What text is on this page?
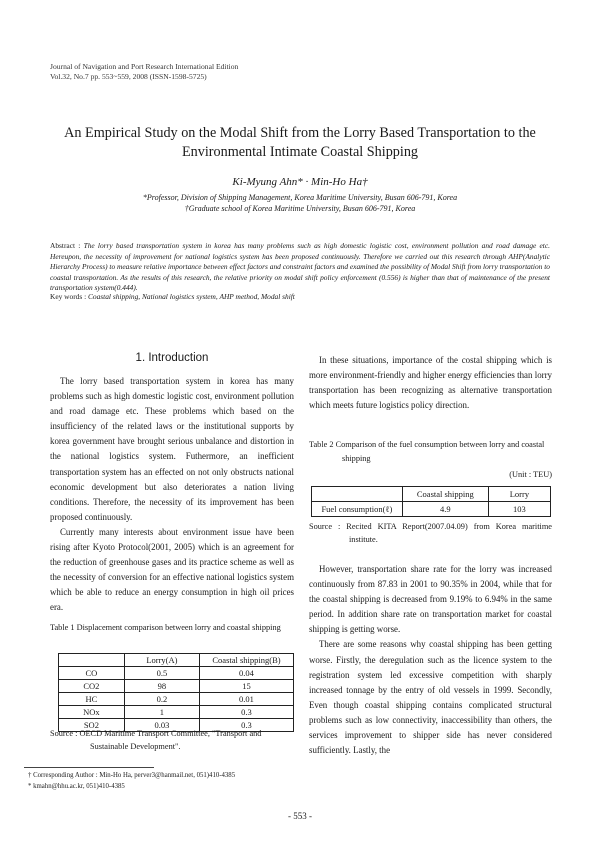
Journal of Navigation and Port Research International Edition
Vol.32, No.7 pp. 553~559, 2008 (ISSN-1598-5725)
An Empirical Study on the Modal Shift from the Lorry Based Transportation to the Environmental Intimate Coastal Shipping
Ki-Myung Ahn* · Min-Ho Ha†
*Professor, Division of Shipping Management, Korea Maritime University, Busan 606-791, Korea
†Graduate school of Korea Maritime University, Busan 606-791, Korea
Abstract : The lorry based transportation system in korea has many problems such as high domestic logistic cost, environment pollution and road damage etc. Hereupon, the necessity of improvement for national logistics system has been proposed continuously. Therefore we carried out this research through AHP(Analytic Hierarchy Process) to measure relative importance between effect factors and constraint factors and examined the possibility of Modal Shift from lorry transportation to coastal transportation. As the results of this research, the relative priority on modal shift policy enforcement (0.556) is higher than that of maintenance of the present transportation system(0.444).
Key words : Coastal shipping, National logistics system, AHP method, Modal shift
1. Introduction

The lorry based transportation system in korea has many problems such as high domestic logistic cost, environment pollution and road damage etc. These problems which based on the insufficiency of the related laws or the institutional supports by korea government have brought serious unbalance and distortion in the national logistics system. Futhermore, an inefficient transportation system has an effected on not only obstructs national economic development but also deteriorates a nation living conditions. Therefore, the necessity of its improvement has been proposed continuously.

Currently many interests about environment issue have been rising after Kyoto Protocol(2001, 2005) which is an agreement for the reduction of greenhouse gases and its practice scheme as well as the necessity of conversion for an effective national logistics system which be able to reduce an energy consumption in high oil prices era.

Table 1 Displacement comparison between lorry and coastal shipping
	Lorry(A)	Coastal shipping(B)
CO	0.5	0.04
CO2	98	15
HC	0.2	0.01
NOx	1	0.3
SO2	0.03	0.3
Source : OECD Maritime Transport Committee, "Transport and Sustainable Development".

In these situations, importance of the costal shipping which is more environment-friendly and higher energy efficiencies than lorry transportation has been recognizing as alternative transportation which meets future logistics policy direction.

Table 2 Comparison of the fuel consumption between lorry and coastal shipping
(Unit : TEU)
	Coastal shipping	Lorry
Fuel consumption(ℓ)	4.9	103
Source : Recited KITA Report(2007.04.09) from Korea maritime institute.

However, transportation share rate for the lorry was increased continuously from 87.83 in 2001 to 90.35% in 2004, while that for the coastal shipping is decreased from 9.19% to 6.94% in the same period. In addition share rate on transportation market for coastal shipping is getting worse.

There are some reasons why coastal shipping has been getting worse. Firstly, the deregulation such as the licence system to the registration system led excessive competition with sharply increased tonnage by the entry of old vessels in 1999. Secondly, Even though coastal shipping contains complicated structural problems such as low connectivity, inaccessibility than others, the services improvement to shipper side has never considered sufficiently. Lastly, the

† Corresponding Author : Min-Ho Ha, perver3@hanmail.net, 051)410-4385
* kmahn@hhu.ac.kr, 051)410-4385
- 553 -
